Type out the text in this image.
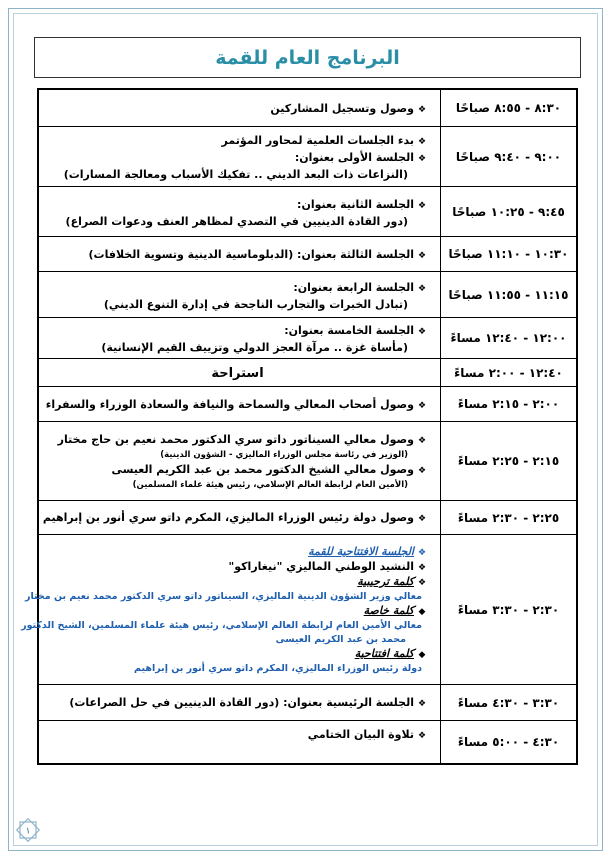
البرنامج العام للقمة
٨:٣٠ - ٨:٥٥ صباحًا
❖وصول وتسجيل المشاركين
٩:٠٠ - ٩:٤٠ صباحًا
❖بدء الجلسات العلمية لمحاور المؤتمر
❖الجلسة الأولى بعنوان:
(النزاعات ذات البعد الديني .. تفكيك الأسباب ومعالجة المسارات)
٩:٤٥ - ١٠:٢٥ صباحًا
❖الجلسة الثانية بعنوان:
(دور القادة الدينيين في التصدي لمظاهر العنف ودعوات الصراع)
١٠:٣٠ - ١١:١٠ صباحًا
❖الجلسة الثالثة بعنوان: (الدبلوماسية الدينية وتسوية الخلافات)
١١:١٥ - ١١:٥٥ صباحًا
❖الجلسة الرابعة بعنوان:
(تبادل الخبرات والتجارب الناجحة في إدارة التنوع الديني)
١٢:٠٠ - ١٢:٤٠ مساءً
❖الجلسة الخامسة بعنوان:
(مأساة غزة .. مرآة العجز الدولي وتزييف القيم الإنسانية)
١٢:٤٠ - ٢:٠٠ مساءً
استراحة
٢:٠٠ - ٢:١٥ مساءً
❖وصول أصحاب المعالي والسماحة والنيافة والسعادة الوزراء والسفراء
٢:١٥ - ٢:٢٥ مساءً
❖وصول معالي السيناتور داتو سري الدكتور محمد نعيم بن حاج مختار
(الوزير في رئاسة مجلس الوزراء الماليزي - الشؤون الدينية)
❖وصول معالي الشيخ الدكتور محمد بن عبد الكريم العيسى
(الأمين العام لرابطة العالم الإسلامي، رئيس هيئة علماء المسلمين)
٢:٢٥ - ٢:٣٠ مساءً
❖وصول دولة رئيس الوزراء الماليزي، المكرم داتو سري أنور بن إبراهيم
٢:٣٠ - ٣:٣٠ مساءً
❖الجلسة الافتتاحية للقمة
❖النشيد الوطني الماليزي "نيغاراكو"
❖كلمة ترحيبية
معالي وزير الشؤون الدينية الماليزي، السيناتور داتو سري الدكتور محمد نعيم بن مختار
◆كلمة خاصة
معالي الأمين العام لرابطة العالم الإسلامي، رئيس هيئة علماء المسلمين، الشيخ الدكتور
محمد بن عبد الكريم العيسى
◆كلمة افتتاحية
دولة رئيس الوزراء الماليزي، المكرم داتو سري أنور بن إبراهيم
٣:٣٠ - ٤:٣٠ مساءً
❖الجلسة الرئيسية بعنوان: (دور القادة الدينيين في حل الصراعات)
٤:٣٠ - ٥:٠٠ مساءً
❖تلاوة البيان الختامي
١
